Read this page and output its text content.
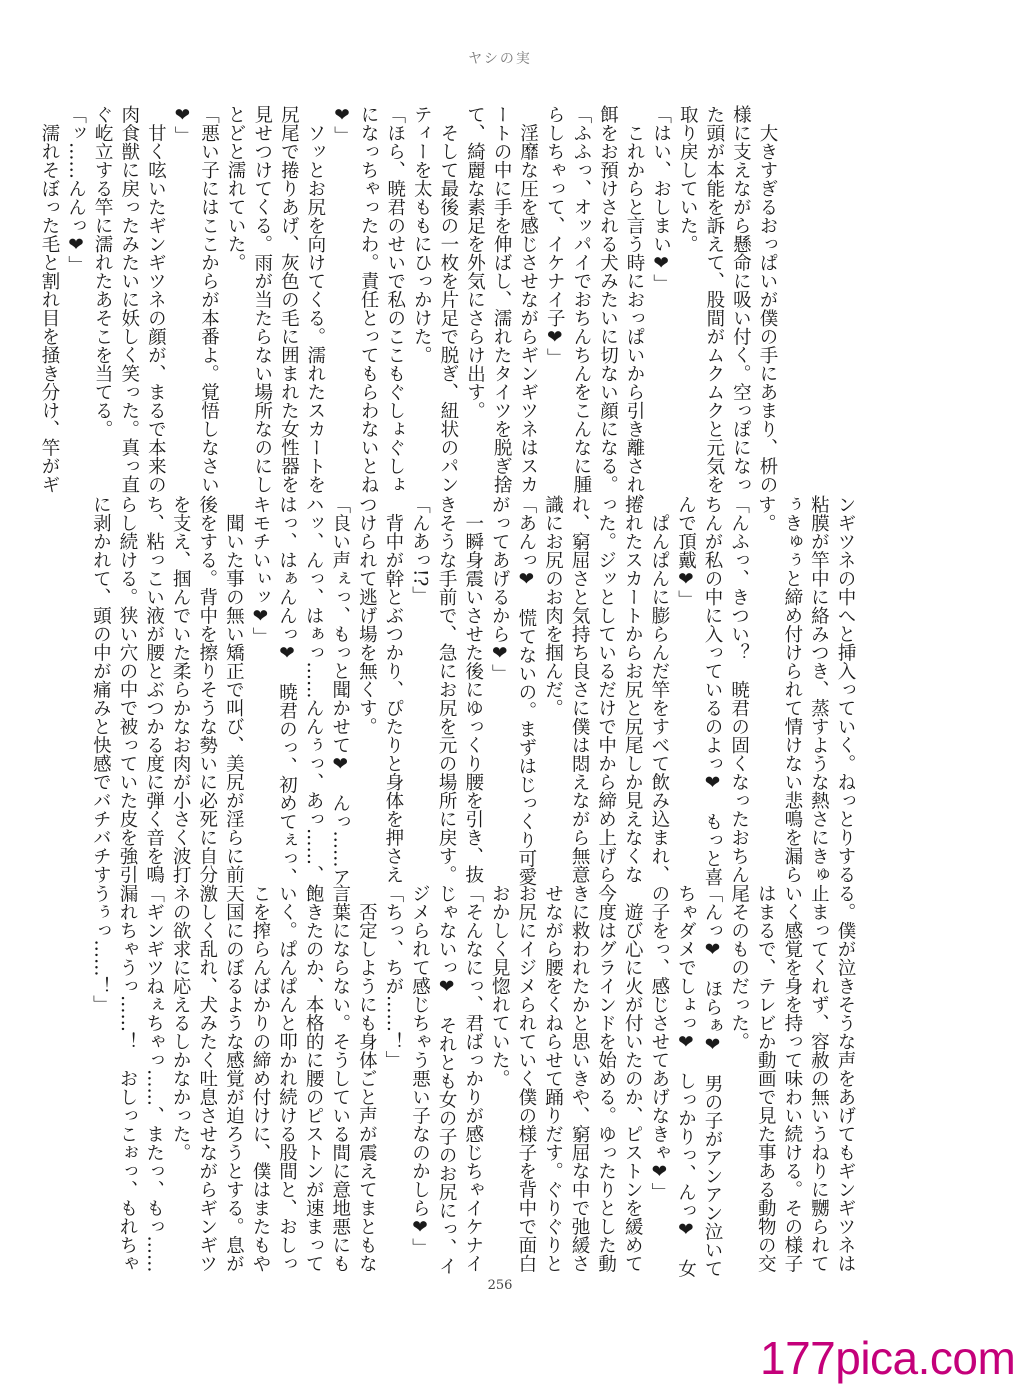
ヤシの実
　大きすぎるおっぱいが僕の手にあまり、枡の
様に支えながら懸命に吸い付く。空っぽになっ
た頭が本能を訴えて、股間がムクムクと元気を
取り戻していた。
「はい、おしまい❤」
　これからと言う時におっぱいから引き離され、
餌をお預けされる犬みたいに切ない顔になる。
「ふふっ、オッパイでおちんちんをこんなに腫
らしちゃって、イケナイ子❤」
　淫靡な圧を感じさせながらギンギツネはスカ
ートの中に手を伸ばし、濡れたタイツを脱ぎ捨
て、綺麗な素足を外気にさらけ出す。
　そして最後の一枚を片足で脱ぎ、紐状のパン
ティーを太ももにひっかけた。
「ほら、暁君のせいで私のここもぐしょぐしょ
になっちゃったわ。責任とってもらわないとね
❤」
　ソッとお尻を向けてくる。濡れたスカートを
尻尾で捲りあげ、灰色の毛に囲まれた女性器を
見せつけてくる。雨が当たらない場所なのにし
とどと濡れていた。
「悪い子にはここからが本番よ。覚悟しなさい
❤」
　甘く呟いたギンギツネの顔が、まるで本来の
肉食獣に戻ったみたいに妖しく笑った。真っ直
ぐ屹立する竿に濡れたあそこを当てる。
「ッ……んんっ❤」
　濡れそぼった毛と割れ目を掻き分け、竿がギ
ンギツネの中へと挿入っていく。ねっとりする
粘膜が竿中に絡みつき、蒸すような熱さにきゅ
ぅきゅぅと締め付けられて情けない悲鳴を漏ら
す。
「んふっ、きつい？　暁君の固くなったおちん
ちんが私の中に入っているのよっ❤　もっと喜
んで頂戴❤」
　ぱんぱんに膨らんだ竿をすべて飲み込まれ、
捲れたスカートからお尻と尻尾しか見えなくな
った。ジッとしているだけで中から締め上げら
れ、窮屈さと気持ち良さに僕は悶えながら無意
識にお尻のお肉を掴んだ。
「あんっ❤　慌てないの。まずはじっくり可愛
がってあげるから❤」
　一瞬身震いさせた後にゆっくり腰を引き、抜
きそうな手前で、急にお尻を元の場所に戻す。
「んあっ!?」
　背中が幹とぶつかり、ぴたりと身体を押さえ
つけられて逃げ場を無くす。
「良い声ぇっ、もっと聞かせて❤　んっ……ア
ハッ、んっ、はぁっ……んんぅっ、あっ……、
はっ、はぁんんっ❤　暁君のっ、初めてぇっ、
キモチいぃッ❤」
　聞いた事の無い矯正で叫び、美尻が淫らに前
後をする。背中を擦りそうな勢いに必死に自分
を支え、掴んでいた柔らかなお肉が小さく波打
ち、粘っこい液が腰とぶつかる度に弾く音を鳴
らし続ける。狭い穴の中で被っていた皮を強引
に剥かれて、頭の中が痛みと快感でバチバチす
る。僕が泣きそうな声をあげてもギンギツネは
止まってくれず、容赦の無いうねりに嬲られて
いく感覚を身を持って味わい続ける。その様子
はまるで、テレビか動画で見た事ある動物の交
尾そのものだった。
「んっ❤　ほらぁ❤　男の子がアンアン泣いて
ちゃダメでしょっ❤　しっかりっ、んっ❤　女
の子をっ、感じさせてあげなきゃ❤」
　遊び心に火が付いたのか、ピストンを緩めて
今度はグラインドを始める。ゆったりとした動
きに救われたかと思いきや、窮屈な中で弛緩さ
せながら腰をくねらせて踊りだす。ぐりぐりと
お尻にイジメられていく僕の様子を背中で面白
おかしく見惚れていた。
「そんなにっ、君ばっかりが感じちゃイケナイ
じゃないっ❤　それとも女の子のお尻にっ、イ
ジメられて感じちゃう悪い子なのかしら❤」
「ちっ、ちが……！」
　否定しようにも身体ごと声が震えてまともな
言葉にならない。そうしている間に意地悪にも
飽きたのか、本格的に腰のピストンが速まって
いく。ぱんぱんと叩かれ続ける股間と、おしっ
こを搾らんばかりの締め付けに、僕はまたもや
天国にのぼるような感覚が迫ろうとする。息が
激しく乱れ、犬みたく吐息させながらギンギツ
ネの欲求に応えるしかなかった。
「ギンギツねぇちゃっ……、またっ、もっ……
漏れちゃうっ……！　おしっこぉっ、もれちゃ
うぅっ……！」
256
177pica.com
